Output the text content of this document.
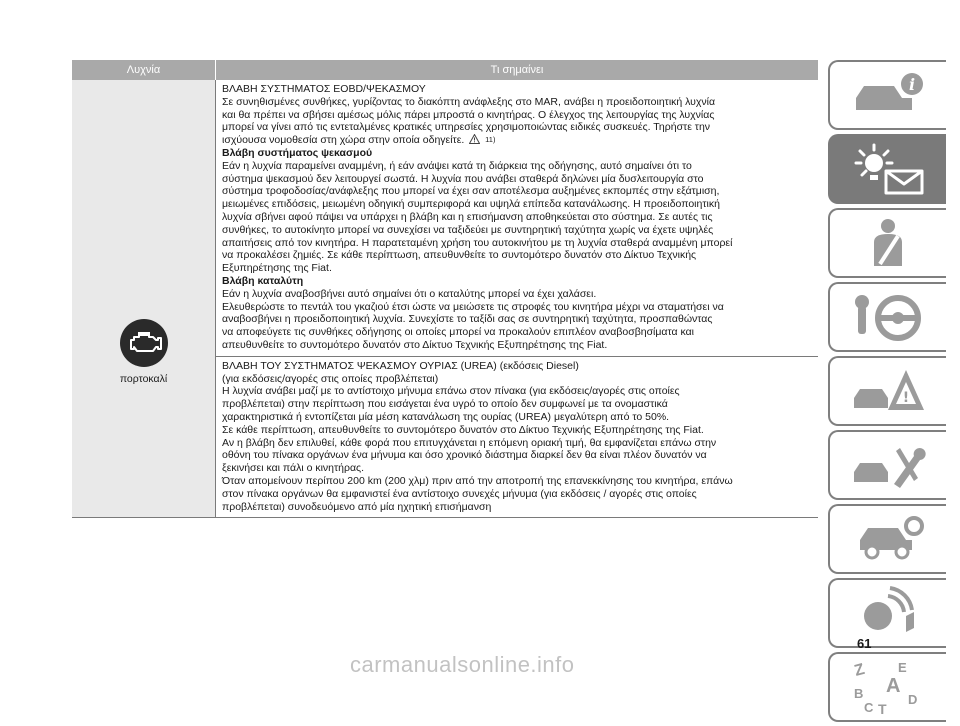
Λυχνία	Τι σημαίνει
πορτοκαλί
ΒΛΑΒΗ ΣΥΣΤΗΜΑΤΟΣ EOBD/ΨΕΚΑΣΜΟΥ
Σε συνηθισμένες συνθήκες, γυρίζοντας το διακόπτη ανάφλεξης στο MAR, ανάβει η προειδοποιητική λυχνία
και θα πρέπει να σβήσει αμέσως μόλις πάρει μπροστά ο κινητήρας. Ο έλεγχος της λειτουργίας της λυχνίας
μπορεί να γίνει από τις εντεταλμένες κρατικές υπηρεσίες χρησιμοποιώντας ειδικές συσκευές. Τηρήστε την
ισχύουσα νομοθεσία στη χώρα στην οποία οδηγείτε.	11)
Βλάβη συστήματος ψεκασμού
Εάν η λυχνία παραμείνει αναμμένη, ή εάν ανάψει κατά τη διάρκεια της οδήγησης, αυτό σημαίνει ότι το
σύστημα ψεκασμού δεν λειτουργεί σωστά. Η λυχνία που ανάβει σταθερά δηλώνει μία δυσλειτουργία στο
σύστημα τροφοδοσίας/ανάφλεξης που μπορεί να έχει σαν αποτέλεσμα αυξημένες εκπομπές στην εξάτμιση,
μειωμένες επιδόσεις, μειωμένη οδηγική συμπεριφορά και υψηλά επίπεδα κατανάλωσης. Η προειδοποιητική
λυχνία σβήνει αφού πάψει να υπάρχει η βλάβη και η επισήμανση αποθηκεύεται στο σύστημα. Σε αυτές τις
συνθήκες, το αυτοκίνητο μπορεί να συνεχίσει να ταξιδεύει με συντηρητική ταχύτητα χωρίς να έχετε υψηλές
απαιτήσεις από τον κινητήρα. Η παρατεταμένη χρήση του αυτοκινήτου με τη λυχνία σταθερά αναμμένη μπορεί
να προκαλέσει ζημιές. Σε κάθε περίπτωση, απευθυνθείτε το συντομότερο δυνατόν στο Δίκτυο Τεχνικής
Εξυπηρέτησης της Fiat.
Βλάβη καταλύτη
Εάν η λυχνία αναβοσβήνει αυτό σημαίνει ότι ο καταλύτης μπορεί να έχει χαλάσει.
Ελευθερώστε το πεντάλ του γκαζιού έτσι ώστε να μειώσετε τις στροφές του κινητήρα μέχρι να σταματήσει να
αναβοσβήνει η προειδοποιητική λυχνία. Συνεχίστε το ταξίδι σας σε συντηρητική ταχύτητα, προσπαθώντας
να αποφεύγετε τις συνθήκες οδήγησης οι οποίες μπορεί να προκαλούν επιπλέον αναβοσβησίματα και
απευθυνθείτε το συντομότερο δυνατόν στο Δίκτυο Τεχνικής Εξυπηρέτησης της Fiat.
ΒΛΑΒΗ ΤΟΥ ΣΥΣΤΗΜΑΤΟΣ ΨΕΚΑΣΜΟΥ ΟΥΡΙΑΣ (UREA) (εκδόσεις Diesel)
(για εκδόσεις/αγορές στις οποίες προβλέπεται)
Η λυχνία ανάβει μαζί με το αντίστοιχο μήνυμα επάνω στον πίνακα (για εκδόσεις/αγορές στις οποίες
προβλέπεται) στην περίπτωση που εισάγεται ένα υγρό το οποίο δεν συμφωνεί με τα ονομαστικά
χαρακτηριστικά ή εντοπίζεται μία μέση κατανάλωση της ουρίας (UREA) μεγαλύτερη από το 50%.
Σε κάθε περίπτωση, απευθυνθείτε το συντομότερο δυνατόν στο Δίκτυο Τεχνικής Εξυπηρέτησης της Fiat.
Αν η βλάβη δεν επιλυθεί, κάθε φορά που επιτυγχάνεται η επόμενη οριακή τιμή, θα εμφανίζεται επάνω στην
οθόνη του πίνακα οργάνων ένα μήνυμα και όσο χρονικό διάστημα διαρκεί δεν θα είναι πλέον δυνατόν να
ξεκινήσει και πάλι ο κινητήρας.
Όταν απομείνουν περίπου 200 km (200 χλμ) πριν από την αποτροπή της επανεκκίνησης του κινητήρα, επάνω
στον πίνακα οργάνων θα εμφανιστεί ένα αντίστοιχο συνεχές μήνυμα (για εκδόσεις / αγορές στις οποίες
προβλέπεται) συνοδευόμενο από μία ηχητική επισήμανση
i
!
Z E
B A
C T
D
61
carmanualsonline.info
